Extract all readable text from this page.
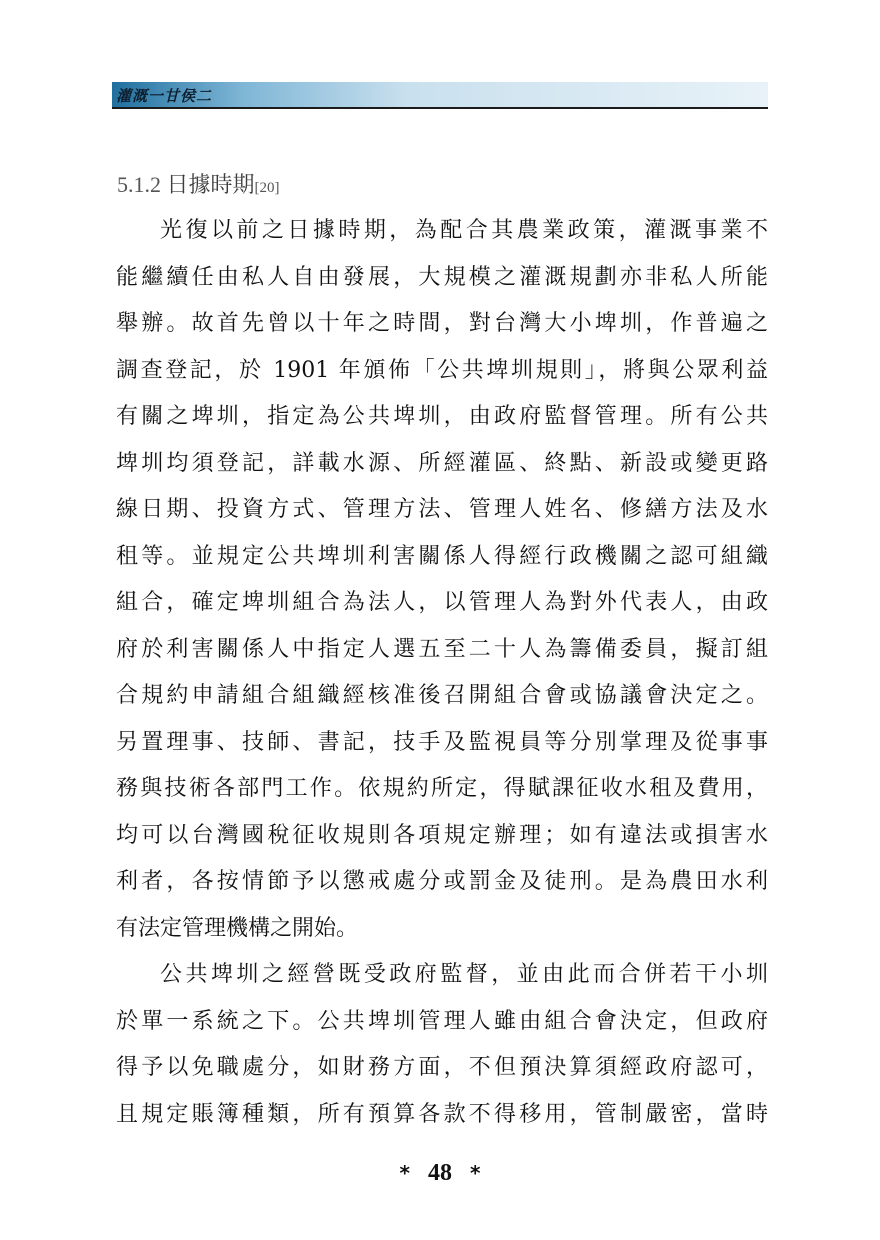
灌溉一甘侯二
5.1.2 日據時期[20]
光復以前之日據時期，為配合其農業政策，灌溉事業不
能繼續任由私人自由發展，大規模之灌溉規劃亦非私人所能
舉辦。故首先曾以十年之時間，對台灣大小埤圳，作普遍之
調查登記，於 1901 年頒佈「公共埤圳規則」，將與公眾利益
有關之埤圳，指定為公共埤圳，由政府監督管理。所有公共
埤圳均須登記，詳載水源、所經灌區、終點、新設或變更路
線日期、投資方式、管理方法、管理人姓名、修繕方法及水
租等。並規定公共埤圳利害關係人得經行政機關之認可組織
組合，確定埤圳組合為法人，以管理人為對外代表人，由政
府於利害關係人中指定人選五至二十人為籌備委員，擬訂組
合規約申請組合組織經核准後召開組合會或協議會決定之。
另置理事、技師、書記，技手及監視員等分別掌理及從事事
務與技術各部門工作。依規約所定，得賦課征收水租及費用，
均可以台灣國稅征收規則各項規定辦理；如有違法或損害水
利者，各按情節予以懲戒處分或罰金及徒刑。是為農田水利
有法定管理機構之開始。
公共埤圳之經營既受政府監督，並由此而合併若干小圳
於單一系統之下。公共埤圳管理人雖由組合會決定，但政府
得予以免職處分，如財務方面，不但預決算須經政府認可，
且規定賬簿種類，所有預算各款不得移用，管制嚴密，當時
* 48 *
